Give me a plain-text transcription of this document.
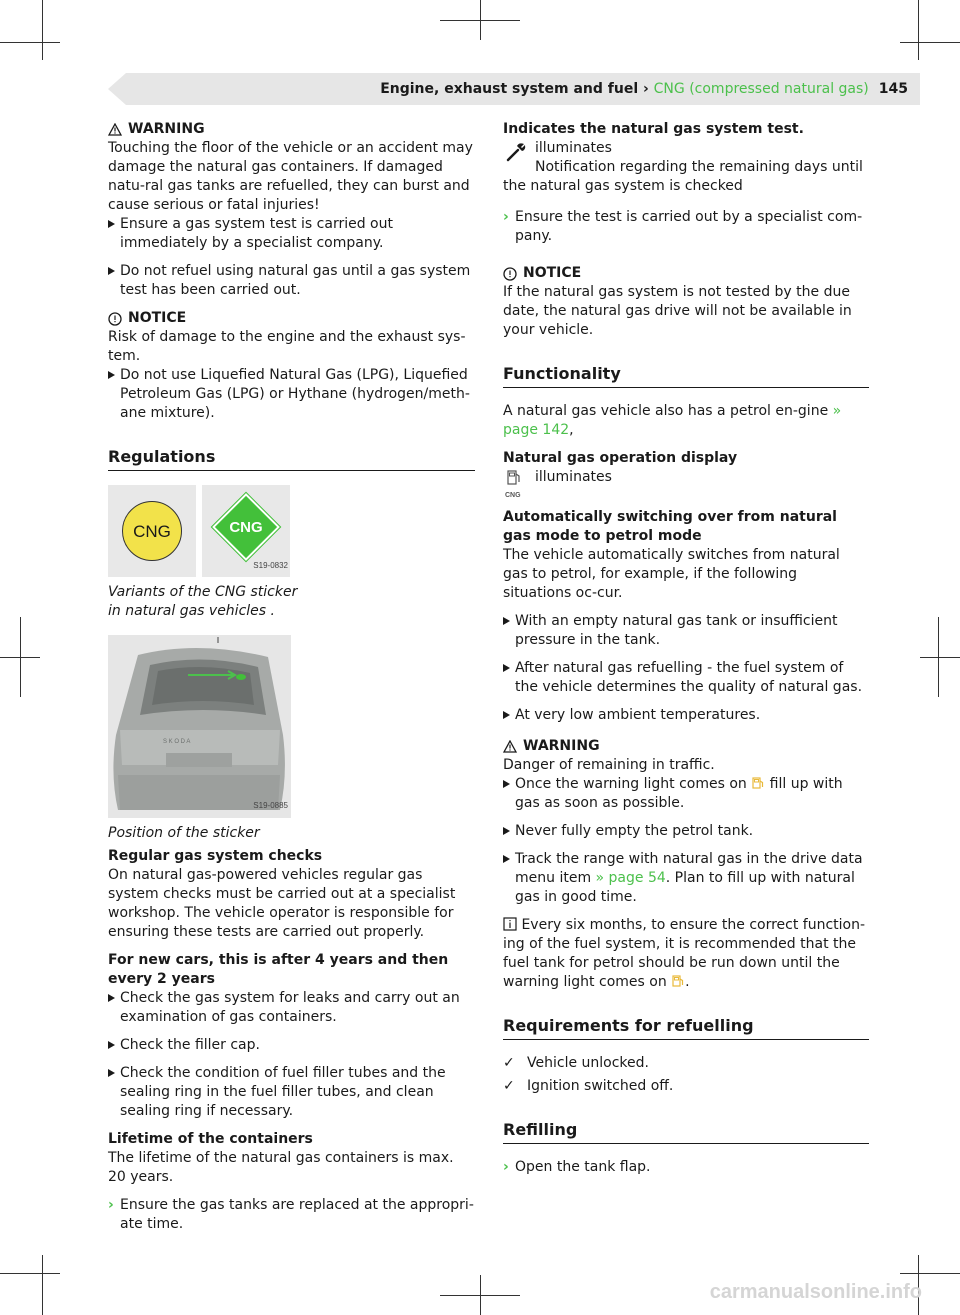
Engine, exhaust system and fuel › CNG (compressed natural gas) 145
WARNING
Touching the floor of the vehicle or an accident may damage the natural gas containers. If damaged natu-ral gas tanks are refuelled, they can burst and cause serious or fatal injuries!
Ensure a gas system test is carried out immediately by a specialist company.
Do not refuel using natural gas until a gas system test has been carried out.
NOTICE
Risk of damage to the engine and the exhaust sys-tem.
Do not use Liquefied Natural Gas (LPG), Liquefied Petroleum Gas (LPG) or Hythane (hydrogen/meth-ane mixture).
Regulations
CNG	CNG
S19-0832
Variants of the CNG sticker
in natural gas vehicles .
S K O D A
S19-0885
Position of the sticker
Regular gas system checks
On natural gas-powered vehicles regular gas system checks must be carried out at a specialist workshop. The vehicle operator is responsible for ensuring these tests are carried out properly.
For new cars, this is after 4 years and then every 2 years
Check the gas system for leaks and carry out an examination of gas containers.
Check the filler cap.
Check the condition of fuel filler tubes and the sealing ring in the fuel filler tubes, and clean sealing ring if necessary.
Lifetime of the containers
The lifetime of the natural gas containers is max. 20 years.
› Ensure the gas tanks are replaced at the appropri-ate time.
Indicates the natural gas system test.
illuminates
Notification regarding the remaining days until the natural gas system is checked
› Ensure the test is carried out by a specialist com-pany.
NOTICE
If the natural gas system is not tested by the due date, the natural gas drive will not be available in your vehicle.
Functionality
A natural gas vehicle also has a petrol en-gine » page 142,
Natural gas operation display
CNG
illuminates
Automatically switching over from natural gas mode to petrol mode
The vehicle automatically switches from natural gas to petrol, for example, if the following situations oc-cur.
With an empty natural gas tank or insufficient pressure in the tank.
After natural gas refuelling - the fuel system of the vehicle determines the quality of natural gas.
At very low ambient temperatures.
WARNING
Danger of remaining in traffic.
Once the warning light comes on fill up with gas as soon as possible.
Never fully empty the petrol tank.
Track the range with natural gas in the drive data menu item » page 54. Plan to fill up with natural gas in good time.
Every six months, to ensure the correct function-ing of the fuel system, it is recommended that the fuel tank for petrol should be run down until the warning light comes on .
Requirements for refuelling
✓ Vehicle unlocked.
✓ Ignition switched off.
Refilling
› Open the tank flap.
carmanualsonline.info
